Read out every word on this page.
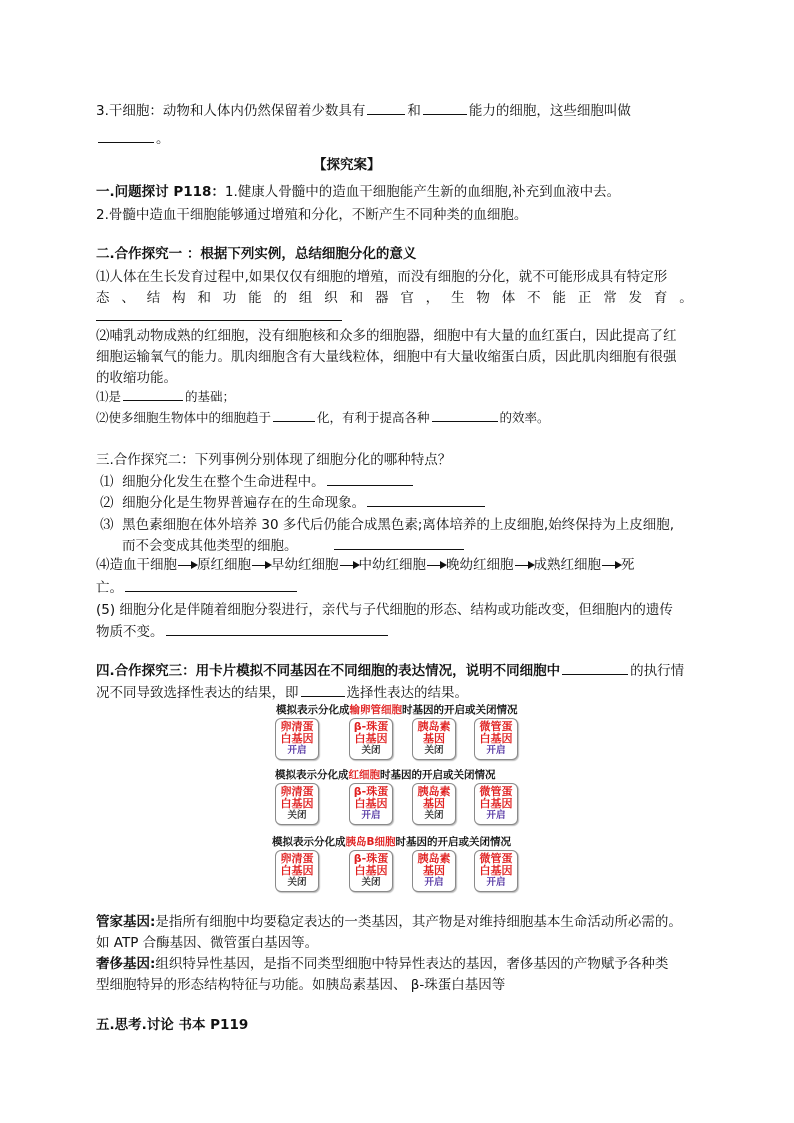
3.干细胞：动物和人体内仍然保留着少数具有	和	能力的细胞，这些细胞叫做
。
【探究案】
一.问题探讨 P118：1.健康人骨髓中的造血干细胞能产生新的血细胞,补充到血液中去。
2.骨髓中造血干细胞能够通过增殖和分化，不断产生不同种类的血细胞。
二.合作探究一 ：根据下列实例，总结细胞分化的意义
⑴人体在生长发育过程中,如果仅仅有细胞的增殖，而没有细胞的分化，就不可能形成具有特定形
态 、 结 构 和 功 能 的 组 织 和 器 官 ， 生 物 体 不 能 正 常 发 育 。
⑵哺乳动物成熟的红细胞，没有细胞核和众多的细胞器，细胞中有大量的血红蛋白，因此提高了红
细胞运输氧气的能力。肌肉细胞含有大量线粒体，细胞中有大量收缩蛋白质，因此肌肉细胞有很强
的收缩功能。
⑴是	的基础；
⑵使多细胞生物体中的细胞趋于	化，有利于提高各种	的效率。
三.合作探究二：下列事例分别体现了细胞分化的哪种特点？
⑴ 细胞分化发生在整个生命进程中。
⑵ 细胞分化是生物界普遍存在的生命现象。
⑶ 黑色素细胞在体外培养 30 多代后仍能合成黑色素;离体培养的上皮细胞,始终保持为上皮细胞,
而不会变成其他类型的细胞。
⑷造血干细胞 原红细胞 早幼红细胞 中幼红细胞 晚幼红细胞 成熟红细胞 死
亡。
(5) 细胞分化是伴随着细胞分裂进行，亲代与子代细胞的形态、结构或功能改变，但细胞内的遗传
物质不变。
四.合作探究三：用卡片模拟不同基因在不同细胞的表达情况，说明不同细胞中	的执行情
况不同导致选择性表达的结果，即	选择性表达的结果。
模拟表示分化成输卵管细胞时基因的开启或关闭情况
卵清蛋
白基因
开启
β-珠蛋
白基因
关闭
胰岛素
基因
关闭
微管蛋
白基因
开启
模拟表示分化成红细胞时基因的开启或关闭情况
卵清蛋
白基因
关闭
β-珠蛋
白基因
开启
胰岛素
基因
关闭
微管蛋
白基因
开启
模拟表示分化成胰岛B细胞时基因的开启或关闭情况
卵清蛋
白基因
关闭
β-珠蛋
白基因
关闭
胰岛素
基因
开启
微管蛋
白基因
开启
管家基因:是指所有细胞中均要稳定表达的一类基因，其产物是对维持细胞基本生命活动所必需的。
如 ATP 合酶基因、微管蛋白基因等。
奢侈基因:组织特异性基因，是指不同类型细胞中特异性表达的基因，奢侈基因的产物赋予各种类
型细胞特异的形态结构特征与功能。如胰岛素基因、 β-珠蛋白基因等
五.思考.讨论 书本 P119
